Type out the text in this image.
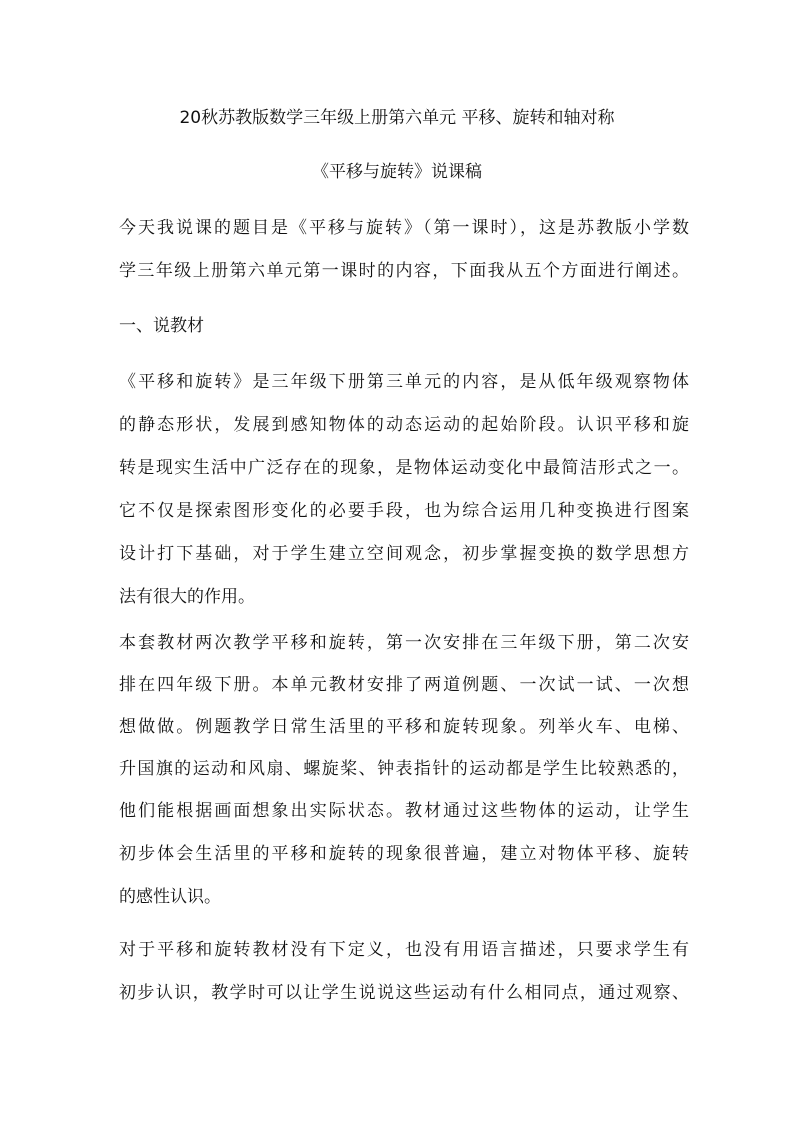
20秋苏教版数学三年级上册第六单元 平移、旋转和轴对称
《平移与旋转》说课稿
今天我说课的题目是《平移与旋转》（第一课时），这是苏教版小学数
学三年级上册第六单元第一课时的内容，下面我从五个方面进行阐述。
一、说教材
《平移和旋转》是三年级下册第三单元的内容，是从低年级观察物体
的静态形状，发展到感知物体的动态运动的起始阶段。认识平移和旋
转是现实生活中广泛存在的现象，是物体运动变化中最简洁形式之一。
它不仅是探索图形变化的必要手段，也为综合运用几种变换进行图案
设计打下基础，对于学生建立空间观念，初步掌握变换的数学思想方
法有很大的作用。
本套教材两次教学平移和旋转，第一次安排在三年级下册，第二次安
排在四年级下册。本单元教材安排了两道例题、一次试一试、一次想
想做做。例题教学日常生活里的平移和旋转现象。列举火车、电梯、
升国旗的运动和风扇、螺旋桨、钟表指针的运动都是学生比较熟悉的，
他们能根据画面想象出实际状态。教材通过这些物体的运动，让学生
初步体会生活里的平移和旋转的现象很普遍，建立对物体平移、旋转
的感性认识。
对于平移和旋转教材没有下定义，也没有用语言描述，只要求学生有
初步认识，教学时可以让学生说说这些运动有什么相同点，通过观察、
